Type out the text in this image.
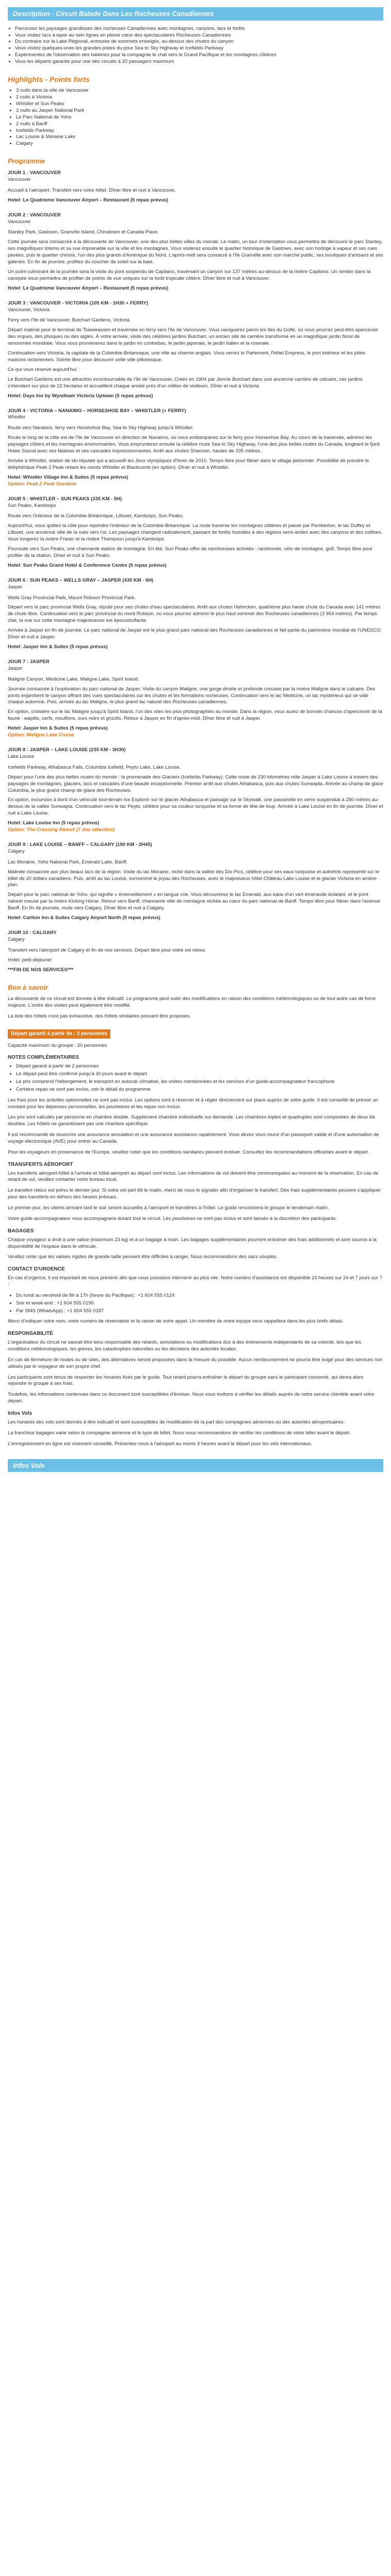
Description - Circuit Balade Dans Les Rocheuses Canadiennes
• Parcourez les paysages grandioses des rocheuses Canadiennes avec montagnes, canyons, lacs et forêts
• Vous visitez lacs à taper au sein lignes en pleine cœur des spectaculaires Rocheuses Canadiennes
• Du contraire sur la Lake Régional, entourée de sommets enneigés, au-dessus des chutes du canyon
• Vous visitez quelques-unes les grandes pistes du pour Sea to Sky Highway et Icefields Parkway
• Expérimentez de l'observation des baleines pour la compagnie le chat vers le Grand Pacifique et les montagnes côtières
• Vous les départs garantis pour une des circuits à 20 passagers maximum
Highlights - Points forts
• 3 nuits dans la ville de Vancouver
• 2 nuits à Victoria
• Whistler et Sun Peaks
• 2 nuits au Jasper National Park
• Le Parc National de Yoho
• 2 nuits à Banff
• Icefields Parkway
• Lac Louise & Moraine Lake
• Calgary
Programme

JOUR 1 : VANCOUVER

Vancouver

Accueil à l'aéroport. Transfert vers votre hôtel. Dîner libre et nuit à Vancouver.

Hotel: Le Quatrieme Vancouver Airport – Restaurant (5 repas prévus)

JOUR 2 : VANCOUVER

Vancouver

Stanley Park, Gastown, Granville Island, Chinatown et Canada Place.

Cette journée sera consacrée à la découverte de Vancouver, une des plus belles villes du monde. Le matin, un tour d'orientation vous permettra de découvrir le parc Stanley, ses magnifiques totems et sa vue imprenable sur la ville et les montagnes. Vous visiterez ensuite le quartier historique de Gastown, avec son horloge à vapeur et ses rues pavées, puis le quartier chinois, l'un des plus grands d'Amérique du Nord. L'après-midi sera consacré à l'île Granville avec son marché public, ses boutiques d'artisans et ses galeries. En fin de journée, profitez du coucher de soleil sur la baie.

Un point culminant de la journée sera la visite du pont suspendu de Capilano, traversant un canyon sur 137 mètres au-dessus de la rivière Capilano. Un sentier dans la canopée vous permettra de profiter de points de vue uniques sur la forêt tropicale côtière. Dîner libre et nuit à Vancouver.

Hotel: Le Quatrieme Vancouver Airport – Restaurant (5 repas prévus)

JOUR 3 : VANCOUVER - VICTORIA (105 KM - 1H30 + FERRY)

Vancouver, Victoria

Ferry vers l'île de Vancouver, Butchart Gardens, Victoria.

Départ matinal pour le terminal de Tsawwassen et traversée en ferry vers l'île de Vancouver. Vous naviguerez parmi les îles du Golfe, où vous pourrez peut-être apercevoir des orques, des phoques ou des aigles. À votre arrivée, visite des célèbres jardins Butchart, un ancien site de carrière transformé en un magnifique jardin floral de renommée mondiale. Vous vous promènerez dans le jardin en contrebas, le jardin japonais, le jardin italien et la roseraie.

Continuation vers Victoria, la capitale de la Colombie-Britannique, une ville au charme anglais. Vous verrez le Parlement, l'hôtel Empress, le port intérieur et les jolies maisons victoriennes. Soirée libre pour découvrir cette ville pittoresque.

Ce qui vous réserve aujourd'hui :

Le Butchart Gardens est une attraction incontournable de l'île de Vancouver. Créés en 1904 par Jennie Butchart dans une ancienne carrière de calcaire, ces jardins s'étendent sur plus de 22 hectares et accueillent chaque année près d'un million de visiteurs. Dîner et nuit à Victoria.

Hotel: Days Inn by Wyndham Victoria Uptown (5 repas prévus)

JOUR 4 : VICTORIA – NANAIMO – HORSESHOE BAY – WHISTLER (+ FERRY)

Whistler

Route vers Nanaimo, ferry vers Horseshoe Bay, Sea to Sky Highway jusqu'à Whistler.

Route le long de la côte est de l'île de Vancouver en direction de Nanaimo, où vous embarquerez sur le ferry pour Horseshoe Bay. Au cours de la traversée, admirez les paysages côtiers et les montagnes environnantes. Vous emprunterez ensuite la célèbre route Sea to Sky Highway, l'une des plus belles routes du Canada, longeant le fjord Howe Sound avec ses falaises et ses cascades impressionnantes. Arrêt aux chutes Shannon, hautes de 335 mètres.

Arrivée à Whistler, station de ski réputée qui a accueilli les Jeux olympiques d'hiver de 2010. Temps libre pour flâner dans le village piétonnier. Possibilité de prendre le téléphérique Peak 2 Peak reliant les monts Whistler et Blackcomb (en option). Dîner et nuit à Whistler.

Hotel: Whistler Village Inn & Suites (5 repas prévus)

Option: Peak 2 Peak Gondola

JOUR 5 : WHISTLER – SUN PEAKS (335 KM - 5H)

Sun Peaks, Kamloops

Route vers l'intérieur de la Colombie-Britannique, Lillooet, Kamloops, Sun Peaks.

Aujourd'hui, vous quittez la côte pour rejoindre l'intérieur de la Colombie-Britannique. La route traverse les montagnes côtières et passe par Pemberton, le lac Duffey et Lillooet, une ancienne ville de la ruée vers l'or. Les paysages changent radicalement, passant de forêts humides à des régions semi-arides avec des canyons et des collines. Vous longerez la rivière Fraser et la rivière Thompson jusqu'à Kamloops.

Poursuite vers Sun Peaks, une charmante station de montagne. En été, Sun Peaks offre de nombreuses activités : randonnée, vélo de montagne, golf. Temps libre pour profiter de la station. Dîner et nuit à Sun Peaks.

Hotel: Sun Peaks Grand Hotel & Conference Centre (5 repas prévus)

JOUR 6 : SUN PEAKS – WELLS GRAY – JASPER (430 KM - 6H)

Jasper

Wells Gray Provincial Park, Mount Robson Provincial Park.

Départ vers le parc provincial Wells Gray, réputé pour ses chutes d'eau spectaculaires. Arrêt aux chutes Helmcken, quatrième plus haute chute du Canada avec 141 mètres de chute libre. Continuation vers le parc provincial du mont Robson, où vous pourrez admirer le plus haut sommet des Rocheuses canadiennes (3 954 mètres). Par temps clair, la vue sur cette montagne majestueuse est époustouflante.

Arrivée à Jasper en fin de journée. Le parc national de Jasper est le plus grand parc national des Rocheuses canadiennes et fait partie du patrimoine mondial de l'UNESCO. Dîner et nuit à Jasper.

Hotel: Jasper Inn & Suites (5 repas prévus)

JOUR 7 : JASPER

Jasper

Maligne Canyon, Medicine Lake, Maligne Lake, Spirit Island.

Journée consacrée à l'exploration du parc national de Jasper. Visite du canyon Maligne, une gorge étroite et profonde creusée par la rivière Maligne dans le calcaire. Des ponts enjambent le canyon offrant des vues spectaculaires sur les chutes et les formations rocheuses. Continuation vers le lac Medicine, un lac mystérieux qui se vide chaque automne. Puis, arrivée au lac Maligne, le plus grand lac naturel des Rocheuses canadiennes.

En option, croisière sur le lac Maligne jusqu'à Spirit Island, l'un des sites les plus photographiés au monde. Dans la région, vous aurez de bonnes chances d'apercevoir de la faune : wapitis, cerfs, mouflons, ours noirs et grizzlis. Retour à Jasper en fin d'après-midi. Dîner libre et nuit à Jasper.

Hotel: Jasper Inn & Suites (5 repas prévus)

Option: Maligne Lake Cruise

JOUR 8 : JASPER – LAKE LOUISE (235 KM - 3H30)

Lake Louise

Icefields Parkway, Athabasca Falls, Columbia Icefield, Peyto Lake, Lake Louise.

Départ pour l'une des plus belles routes du monde : la promenade des Glaciers (Icefields Parkway). Cette route de 230 kilomètres relie Jasper à Lake Louise à travers des paysages de montagnes, glaciers, lacs et cascades d'une beauté exceptionnelle. Premier arrêt aux chutes Athabasca, puis aux chutes Sunwapta. Arrivée au champ de glace Columbia, le plus grand champ de glace des Rocheuses.

En option, excursion à bord d'un véhicule tout-terrain Ice Explorer sur le glacier Athabasca et passage sur le Skywalk, une passerelle en verre suspendue à 280 mètres au-dessus de la vallée Sunwapta. Continuation vers le lac Peyto, célèbre pour sa couleur turquoise et sa forme de tête de loup. Arrivée à Lake Louise en fin de journée. Dîner et nuit à Lake Louise.

Hotel: Lake Louise Inn (5 repas prévus)

Option: The Crossing Resort (7 Jou sélection)

JOUR 9 : LAKE LOUISE – BANFF – CALGARY (190 KM - 2H45)

Calgary

Lac Moraine, Yoho National Park, Emerald Lake, Banff.

Matinée consacrée aux plus beaux lacs de la région. Visite du lac Moraine, niché dans la vallée des Dix-Pics, célèbre pour ses eaux turquoise et autrefois représenté sur le billet de 20 dollars canadiens. Puis, arrêt au lac Louise, surnommé le joyau des Rocheuses, avec le majestueux hôtel Château Lake Louise et le glacier Victoria en arrière-plan.

Départ pour le parc national de Yoho, qui signifie « émerveillement » en langue crie. Vous découvrirez le lac Emerald, aux eaux d'un vert émeraude éclatant, et le pont naturel creusé par la rivière Kicking Horse. Retour vers Banff, charmante ville de montagne nichée au cœur du parc national de Banff. Temps libre pour flâner dans l'avenue Banff. En fin de journée, route vers Calgary. Dîner libre et nuit à Calgary.

Hotel: Carlton Inn & Suites Calgary Airport North (5 repas prévus)

JOUR 10 : CALGARY

Calgary

Transfert vers l'aéroport de Calgary et fin de nos services. Départ libre pour votre vol retour.

Hotel: petit-déjeuner

***FIN DE NOS SERVICES***

Bon à savoir

La découverte de ce circuit est donnée à titre indicatif. Le programme peut subir des modifications en raison des conditions météorologiques ou de tout autre cas de force majeure. L'ordre des visites peut également être modifié.

La liste des hôtels n'est pas exhaustive, des hôtels similaires pouvant être proposés.

Départ garanti à partir de : 2 personnes

Capacité maximum du groupe : 20 personnes

NOTES COMPLÉMENTAIRES
• Départ garanti à partir de 2 personnes
• Le départ peut être confirmé jusqu'à 30 jours avant le départ
• Le prix comprend l'hébergement, le transport en autocar climatisé, les visites mentionnées et les services d'un guide-accompagnateur francophone
• Certains repas ne sont pas inclus, voir le détail du programme

Les frais pour les activités optionnelles ne sont pas inclus. Les options sont à réserver et à régler directement sur place auprès de votre guide. Il est conseillé de prévoir un montant pour les dépenses personnelles, les pourboires et les repas non inclus.

Les prix sont calculés par personne en chambre double. Supplément chambre individuelle sur demande. Les chambres triples et quadruples sont composées de deux lits doubles. Les hôtels ne garantissent pas une chambre spécifique.

Il est recommandé de souscrire une assurance annulation et une assurance assistance rapatriement. Vous devez vous munir d'un passeport valide et d'une autorisation de voyage électronique (AVE) pour entrer au Canada.

Pour les voyageurs en provenance de l'Europe, veuillez noter que les conditions sanitaires peuvent évoluer. Consultez les recommandations officielles avant le départ.

TRANSFERTS AÉROPORT

Les transferts aéroport-hôtel à l'arrivée et hôtel-aéroport au départ sont inclus. Les informations de vol doivent être communiquées au moment de la réservation. En cas de retard de vol, veuillez contacter notre bureau local.

Le transfert retour est prévu le dernier jour. Si votre vol part tôt le matin, merci de nous le signaler afin d'organiser le transfert. Des frais supplémentaires peuvent s'appliquer pour des transferts en dehors des heures prévues.

Le premier jour, les clients arrivant tard le soir seront accueillis à l'aéroport et transférés à l'hôtel. Le guide rencontrera le groupe le lendemain matin.

Votre guide-accompagnateur vous accompagnera durant tout le circuit. Les pourboires ne sont pas inclus et sont laissés à la discrétion des participants.

BAGAGES

Chaque voyageur a droit à une valise (maximum 23 kg) et à un bagage à main. Les bagages supplémentaires pourront entraîner des frais additionnels et sont soumis à la disponibilité de l'espace dans le véhicule.

Veuillez noter que les valises rigides de grande taille peuvent être difficiles à ranger. Nous recommandons des sacs souples.

CONTACT D'URGENCE

En cas d'urgence, il est important de nous prévenir afin que nous puissions intervenir au plus vite. Notre numéro d'assistance est disponible 24 heures sur 24 et 7 jours sur 7 :

• Du lundi au vendredi de 8h à 17h (heure du Pacifique) : +1 604 555 0124
• Soir et week-end : +1 604 555 0199
• Par SMS (WhatsApp) : +1 604 555 0187

Merci d'indiquer votre nom, votre numéro de réservation et la raison de votre appel. Un membre de notre équipe vous rappellera dans les plus brefs délais.

RESPONSABILITÉ

L'organisateur du circuit ne saurait être tenu responsable des retards, annulations ou modifications dus à des événements indépendants de sa volonté, tels que les conditions météorologiques, les grèves, les catastrophes naturelles ou les décisions des autorités locales.

En cas de fermeture de routes ou de sites, des alternatives seront proposées dans la mesure du possible. Aucun remboursement ne pourra être exigé pour des services non utilisés par le voyageur de son propre chef.

Les participants sont tenus de respecter les horaires fixés par le guide. Tout retard pourra entraîner le départ du groupe sans le participant concerné, qui devra alors rejoindre le groupe à ses frais.

Toutefois, les informations contenues dans ce document sont susceptibles d'évoluer. Nous vous invitons à vérifier les détails auprès de notre service clientèle avant votre départ.

Infos Vols

Les horaires des vols sont donnés à titre indicatif et sont susceptibles de modification de la part des compagnies aériennes ou des autorités aéroportuaires.

La franchise bagages varie selon la compagnie aérienne et le type de billet. Nous vous recommandons de vérifier les conditions de votre billet avant le départ.

L'enregistrement en ligne est vivement conseillé. Présentez-vous à l'aéroport au moins 3 heures avant le départ pour les vols internationaux.

Infos Vols
